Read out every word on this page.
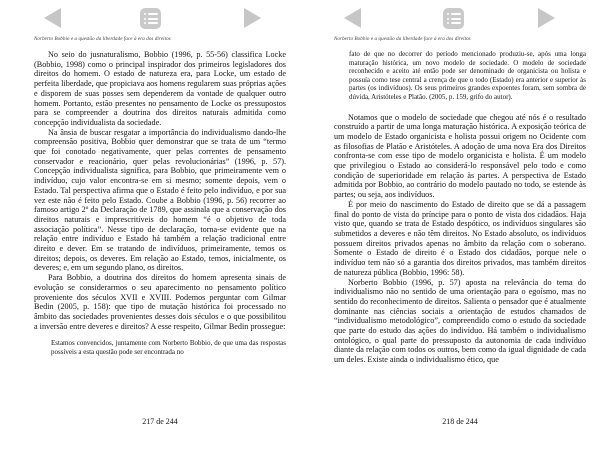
Norberto Bobbio e a questão da liberdade face à era dos direitos

No seio do jusnaturalismo, Bobbio (1996, p. 55-56) classifica Locke (Bobbio, 1998) como o principal inspirador dos primeiros legisladores dos direitos do homem. O estado de natureza era, para Locke, um estado de perfeita liberdade, que propiciava aos homens regularem suas próprias ações e disporem de suas posses sem dependerem da vontade de qualquer outro homem. Portanto, estão presentes no pensamento de Locke os pressupostos para se compreender a doutrina dos direitos naturais admitida como concepção individualista da sociedade.

Na ânsia de buscar resgatar a importância do individualismo dando-lhe compreensão positiva, Bobbio quer demonstrar que se trata de um “termo que foi conotado negativamente, quer pelas correntes de pensamento conservador e reacionário, quer pelas revolucionárias” (1996, p. 57). Concepção individualista significa, para Bobbio, que primeiramente vem o indivíduo, cujo valor encontra-se em si mesmo; somente depois, vem o Estado. Tal perspectiva afirma que o Estado é feito pelo indivíduo, e por sua vez este não é feito pelo Estado. Coube a Bobbio (1996, p. 56) recorrer ao famoso artigo 2º da Declaração de 1789, que assinala que a conservação dos direitos naturais e imprescritíveis do homem “é o objetivo de toda associação política”. Nesse tipo de declaração, torna-se evidente que na relação entre indivíduo e Estado há também a relação tradicional entre direito e dever. Em se tratando de indivíduos, primeiramente, temos os direitos; depois, os deveres. Em relação ao Estado, temos, inicialmente, os deveres; e, em um segundo plano, os direitos.

Para Bobbio, a doutrina dos direitos do homem apresenta sinais de evolução se considerarmos o seu aparecimento no pensamento político proveniente dos séculos XVII e XVIII. Podemos perguntar com Gilmar Bedin (2005, p. 158): que tipo de mutação histórica foi processado no âmbito das sociedades provenientes desses dois séculos e o que possibilitou a inversão entre deveres e direitos? A esse respeito, Gilmar Bedin prossegue:

Estamos convencidos, juntamente com Norberto Bobbio, de que uma das respostas possíveis a esta questão pode ser encontrada no
217 de 244
Norberto Bobbio e a questão da liberdade face à era dos direitos
fato de que no decorrer do período mencionado produziu-se, após uma longa maturação histórica, um novo modelo de sociedade. O modelo de sociedade reconhecido e aceito até então pode ser denominado de organicista ou holista e possuía como tese central a crença de que o todo (Estado) era anterior e superior às partes (os indivíduos). Os seus primeiros grandes expoentes foram, sem sombra de dúvida, Aristóteles e Platão. (2005, p. 159, grifo do autor).

Notamos que o modelo de sociedade que chegou até nós é o resultado construído a partir de uma longa maturação histórica. A exposição teórica de um modelo de Estado organicista e holista possui origem no Ocidente com as filosofias de Platão e Aristóteles. A adoção de uma nova Era dos Direitos confronta-se com esse tipo de modelo organicista e holista. É um modelo que privilegiou o Estado ao considerá-lo responsável pelo todo e como condição de superioridade em relação às partes. A perspectiva de Estado admitida por Bobbio, ao contrário do modelo pautado no todo, se estende às partes; ou seja, aos indivíduos.

É por meio do nascimento do Estado de direito que se dá a passagem final do ponto de vista do príncipe para o ponto de vista dos cidadãos. Haja visto que, quando se trata de Estado despótico, os indivíduos singulares são submetidos a deveres e não têm direitos. No Estado absoluto, os indivíduos possuem direitos privados apenas no âmbito da relação com o soberano. Somente o Estado de direito é o Estado dos cidadãos, porque nele o indivíduo tem não só a garantia dos direitos privados, mas também direitos de natureza pública (Bobbio, 1996: 58).

Norberto Bobbio (1996, p. 57) aposta na relevância do tema do individualismo não no sentido de uma orientação para o egoísmo, mas no sentido do reconhecimento de direitos. Salienta o pensador que é atualmente dominante nas ciências sociais a orientação de estudos chamados de “individualismo metodológico”, compreendido como o estudo da sociedade que parte do estudo das ações do indivíduo. Há também o individualismo ontológico, o qual parte do pressuposto da autonomia de cada indivíduo diante da relação com todos os outros, bem como da igual dignidade de cada um deles. Existe ainda o individualismo ético, que

218 de 244
